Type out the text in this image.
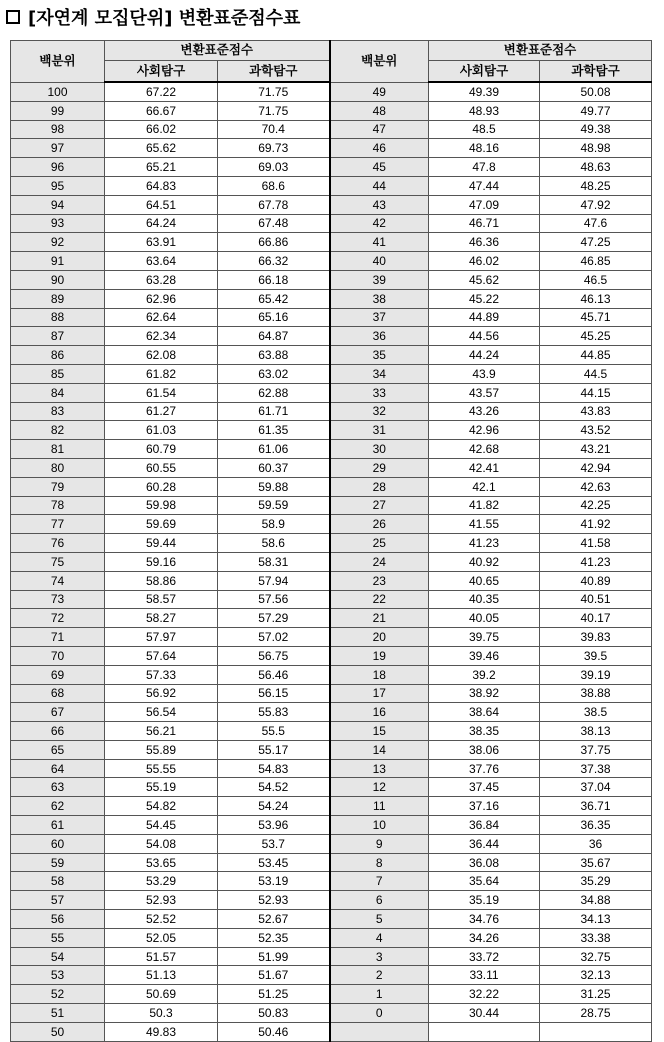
[자연계 모집단위] 변환표준점수표
백분위	변환표준점수		백분위	변환표준점수	
	사회탐구	과학탐구		사회탐구	과학탐구
100	67.22	71.75	49	49.39	50.08
99	66.67	71.75	48	48.93	49.77
98	66.02	70.4	47	48.5	49.38
97	65.62	69.73	46	48.16	48.98
96	65.21	69.03	45	47.8	48.63
95	64.83	68.6	44	47.44	48.25
94	64.51	67.78	43	47.09	47.92
93	64.24	67.48	42	46.71	47.6
92	63.91	66.86	41	46.36	47.25
91	63.64	66.32	40	46.02	46.85
90	63.28	66.18	39	45.62	46.5
89	62.96	65.42	38	45.22	46.13
88	62.64	65.16	37	44.89	45.71
87	62.34	64.87	36	44.56	45.25
86	62.08	63.88	35	44.24	44.85
85	61.82	63.02	34	43.9	44.5
84	61.54	62.88	33	43.57	44.15
83	61.27	61.71	32	43.26	43.83
82	61.03	61.35	31	42.96	43.52
81	60.79	61.06	30	42.68	43.21
80	60.55	60.37	29	42.41	42.94
79	60.28	59.88	28	42.1	42.63
78	59.98	59.59	27	41.82	42.25
77	59.69	58.9	26	41.55	41.92
76	59.44	58.6	25	41.23	41.58
75	59.16	58.31	24	40.92	41.23
74	58.86	57.94	23	40.65	40.89
73	58.57	57.56	22	40.35	40.51
72	58.27	57.29	21	40.05	40.17
71	57.97	57.02	20	39.75	39.83
70	57.64	56.75	19	39.46	39.5
69	57.33	56.46	18	39.2	39.19
68	56.92	56.15	17	38.92	38.88
67	56.54	55.83	16	38.64	38.5
66	56.21	55.5	15	38.35	38.13
65	55.89	55.17	14	38.06	37.75
64	55.55	54.83	13	37.76	37.38
63	55.19	54.52	12	37.45	37.04
62	54.82	54.24	11	37.16	36.71
61	54.45	53.96	10	36.84	36.35
60	54.08	53.7	9	36.44	36
59	53.65	53.45	8	36.08	35.67
58	53.29	53.19	7	35.64	35.29
57	52.93	52.93	6	35.19	34.88
56	52.52	52.67	5	34.76	34.13
55	52.05	52.35	4	34.26	33.38
54	51.57	51.99	3	33.72	32.75
53	51.13	51.67	2	33.11	32.13
52	50.69	51.25	1	32.22	31.25
51	50.3	50.83	0	30.44	28.75
50	49.83	50.46			
